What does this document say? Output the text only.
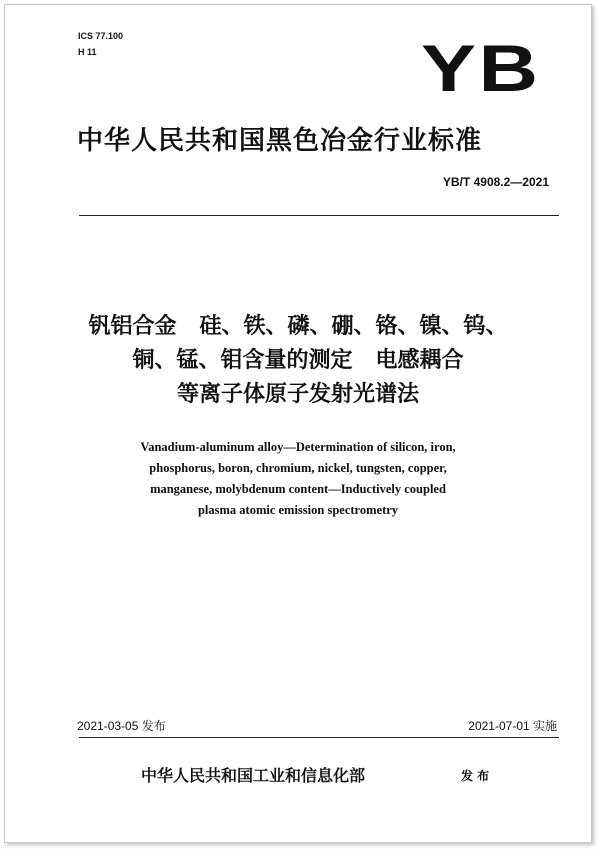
ICS 77.100
H 11	YB
中华人民共和国黑色冶金行业标准
YB/T 4908.2—2021
钒铝合金   硅、铁、磷、硼、铬、镍、钨、
铜、锰、钼含量的测定   电感耦合
等离子体原子发射光谱法
Vanadium-aluminum alloy—Determination of silicon, iron,
phosphorus, boron, chromium, nickel, tungsten, copper,
manganese, molybdenum content—Inductively coupled
plasma atomic emission spectrometry
2021-03-05 发布	2021-07-01 实施
中华人民共和国工业和信息化部	发 布
